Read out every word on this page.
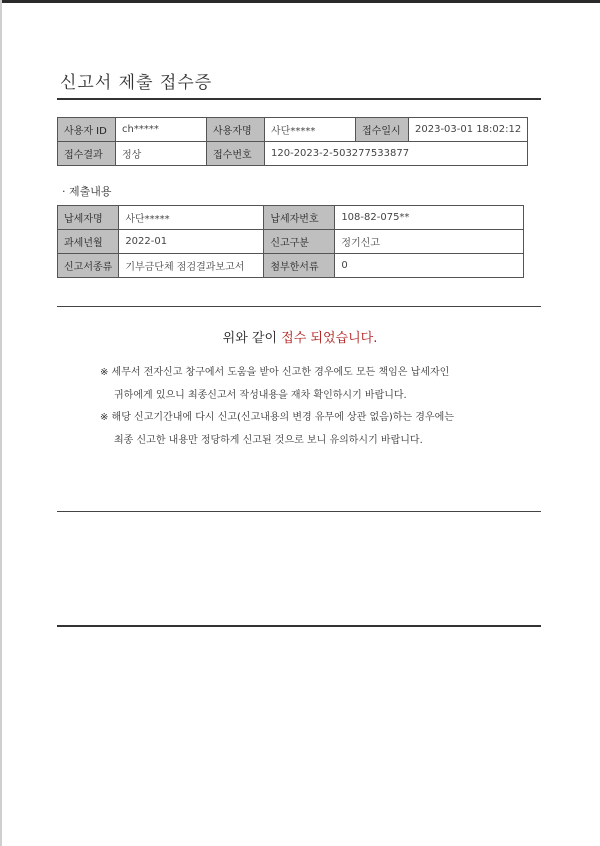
신고서 제출 접수증
사용자 ID	ch*****	사용자명	사단*****	접수일시	2023-03-01 18:02:12
접수결과	정상	접수번호	120-2023-2-503277533877		
· 제출내용
납세자명	사단*****	납세자번호	108-82-075**
과세년월	2022-01	신고구분	정기신고
신고서종류	기부금단체 점검결과보고서	첨부한서류	0
위와 같이 접수 되었습니다.
※ 세무서 전자신고 창구에서 도움을 받아 신고한 경우에도 모든 책임은 납세자인
귀하에게 있으니 최종신고서 작성내용을 재차 확인하시기 바랍니다.
※ 해당 신고기간내에 다시 신고(신고내용의 변경 유무에 상관 없음)하는 경우에는
최종 신고한 내용만 정당하게 신고된 것으로 보니 유의하시기 바랍니다.
